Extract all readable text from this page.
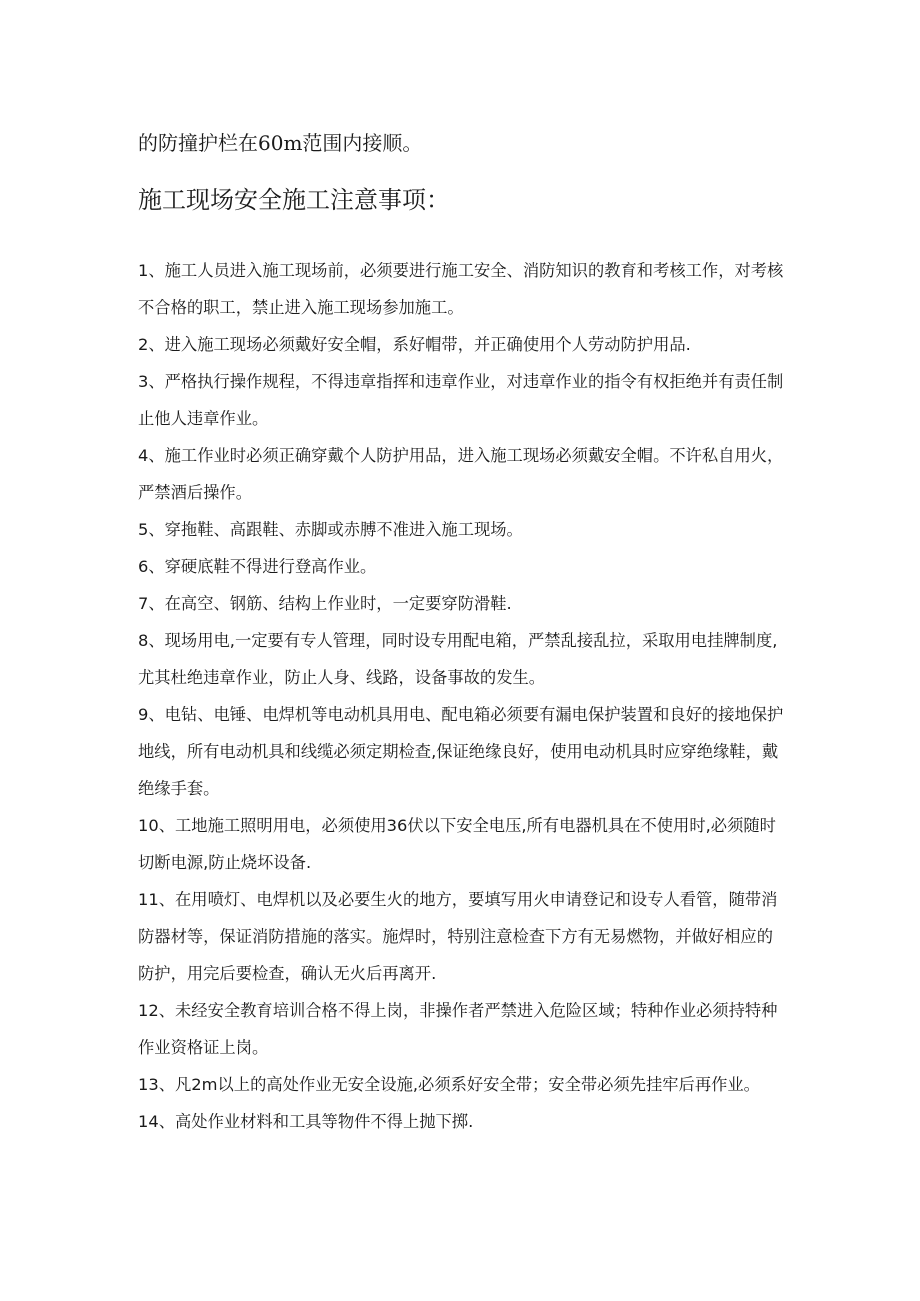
的防撞护栏在60m范围内接顺。
施工现场安全施工注意事项：

1、施工人员进入施工现场前，必须要进行施工安全、消防知识的教育和考核工作，对考核不合格的职工，禁止进入施工现场参加施工。

2、进入施工现场必须戴好安全帽，系好帽带，并正确使用个人劳动防护用品.

3、严格执行操作规程，不得违章指挥和违章作业，对违章作业的指令有权拒绝并有责任制止他人违章作业。

4、施工作业时必须正确穿戴个人防护用品，进入施工现场必须戴安全帽。不许私自用火，严禁酒后操作。

5、穿拖鞋、高跟鞋、赤脚或赤膊不准进入施工现场。

6、穿硬底鞋不得进行登高作业。

7、在高空、钢筋、结构上作业时，一定要穿防滑鞋.

8、现场用电,一定要有专人管理，同时设专用配电箱，严禁乱接乱拉，采取用电挂牌制度,尤其杜绝违章作业，防止人身、线路，设备事故的发生。

9、电钻、电锤、电焊机等电动机具用电、配电箱必须要有漏电保护装置和良好的接地保护地线，所有电动机具和线缆必须定期检查,保证绝缘良好，使用电动机具时应穿绝缘鞋，戴绝缘手套。

10、工地施工照明用电，必须使用36伏以下安全电压,所有电器机具在不使用时,必须随时切断电源,防止烧坏设备.

11、在用喷灯、电焊机以及必要生火的地方，要填写用火申请登记和设专人看管，随带消防器材等，保证消防措施的落实。施焊时，特别注意检查下方有无易燃物，并做好相应的防护，用完后要检查，确认无火后再离开.

12、未经安全教育培训合格不得上岗，非操作者严禁进入危险区域；特种作业必须持特种作业资格证上岗。

13、凡2m以上的高处作业无安全设施,必须系好安全带；安全带必须先挂牢后再作业。

14、高处作业材料和工具等物件不得上抛下掷.
